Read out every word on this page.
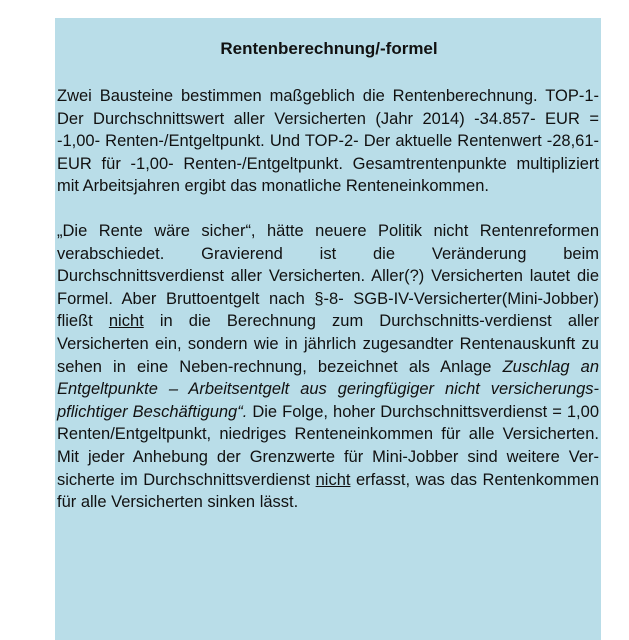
Rentenberechnung/-formel

Zwei Bausteine bestimmen maßgeblich die Rentenberechnung. TOP-1- Der Durchschnittswert aller Versicherten (Jahr 2014) -34.857- EUR = -1,00- Renten-/Entgeltpunkt. Und TOP-2- Der aktuelle Rentenwert -28,61- EUR für -1,00- Renten-/Entgeltpunkt. Gesamtrentenpunkte multipliziert mit Arbeitsjahren ergibt das monatliche Renteneinkommen.

„Die Rente wäre sicher“, hätte neuere Politik nicht Rentenreformen verabschiedet. Gravierend ist die Veränderung beim Durchschnittsverdienst aller Versicherten. Aller(?) Versicherten lautet die Formel. Aber Bruttoentgelt nach §-8- SGB-IV-Versicherter(Mini-Jobber) fließt nicht in die Berechnung zum Durchschnitts-verdienst aller Versicherten ein, sondern wie in jährlich zugesandter Rentenauskunft zu sehen in eine Neben-rechnung, bezeichnet als Anlage Zuschlag an Entgeltpunkte – Arbeitsentgelt aus geringfügiger nicht versicherungs-pflichtiger Beschäftigung“. Die Folge, hoher Durchschnittsverdienst = 1,00 Renten/Entgeltpunkt, niedriges Renteneinkommen für alle Versicherten. Mit jeder Anhebung der Grenzwerte für Mini-Jobber sind weitere Ver-sicherte im Durchschnittsverdienst nicht erfasst, was das Rentenkommen für alle Versicherten sinken lässt.
